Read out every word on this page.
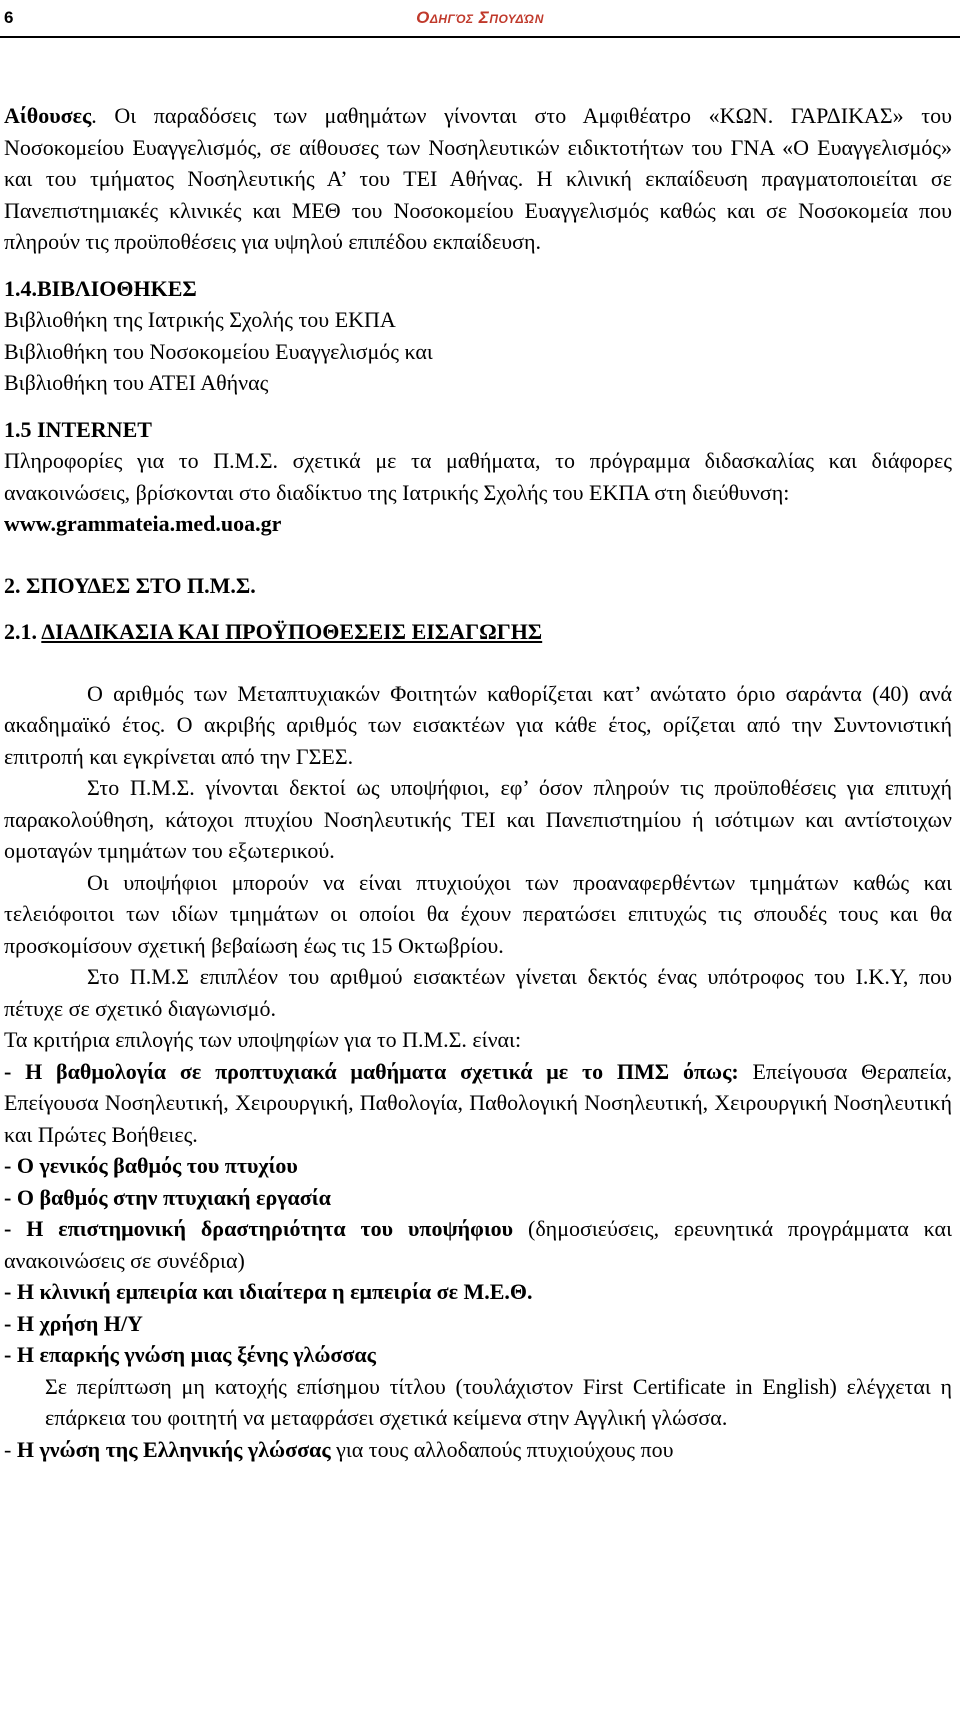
6	Οδηγός Σπουδών

Αίθουσες. Οι παραδόσεις των μαθημάτων γίνονται στο Αμφιθέατρο «ΚΩΝ. ΓΑΡΔΙΚΑΣ» του Νοσοκομείου Ευαγγελισμός, σε αίθουσες των Νοσηλευτικών ειδικτοτήτων του ΓΝΑ «Ο Ευαγγελισμός» και του τμήματος Νοσηλευτικής Α’ του ΤΕΙ Αθήνας. Η κλινική εκπαίδευση πραγματοποιείται σε Πανεπιστημιακές κλινικές και ΜΕΘ του Νοσοκομείου Ευαγγελισμός καθώς και σε Νοσοκομεία που πληρούν τις προϋποθέσεις για υψηλού επιπέδου εκπαίδευση.

1.4.ΒΙΒΛΙΟΘΗΚΕΣ

Βιβλιοθήκη της Ιατρικής Σχολής του ΕΚΠΑ

Βιβλιοθήκη του Νοσοκομείου Ευαγγελισμός και

Βιβλιοθήκη του ΑΤΕΙ Αθήνας

1.5 INTERNET

Πληροφορίες για το Π.Μ.Σ. σχετικά με τα μαθήματα, το πρόγραμμα διδασκαλίας και διάφορες ανακοινώσεις, βρίσκονται στο διαδίκτυο της Ιατρικής Σχολής του ΕΚΠΑ στη διεύθυνση:

www.grammateia.med.uoa.gr

2. ΣΠΟΥΔΕΣ ΣΤΟ Π.Μ.Σ.

2.1. ΔΙΑΔΙΚΑΣΙΑ ΚΑΙ ΠΡΟΫΠΟΘΕΣΕΙΣ ΕΙΣΑΓΩΓΗΣ

Ο αριθμός των Μεταπτυχιακών Φοιτητών καθορίζεται κατ’ ανώτατο όριο σαράντα (40) ανά ακαδημαϊκό έτος. Ο ακριβής αριθμός των εισακτέων για κάθε έτος, ορίζεται από την Συντονιστική επιτροπή και εγκρίνεται από την ΓΣΕΣ.

Στο Π.Μ.Σ. γίνονται δεκτοί ως υποψήφιοι, εφ’ όσον πληρούν τις προϋποθέσεις για επιτυχή παρακολούθηση, κάτοχοι πτυχίου Νοσηλευτικής ΤΕΙ και Πανεπιστημίου ή ισότιμων και αντίστοιχων ομοταγών τμημάτων του εξωτερικού.

Οι υποψήφιοι μπορούν να είναι πτυχιούχοι των προαναφερθέντων τμημάτων καθώς και τελειόφοιτοι των ιδίων τμημάτων οι οποίοι θα έχουν περατώσει επιτυχώς τις σπουδές τους και θα προσκομίσουν σχετική βεβαίωση έως τις 15 Οκτωβρίου.

Στο Π.Μ.Σ επιπλέον του αριθμού εισακτέων γίνεται δεκτός ένας υπότροφος του Ι.Κ.Υ, που πέτυχε σε σχετικό διαγωνισμό.

Τα κριτήρια επιλογής των υποψηφίων για το Π.Μ.Σ. είναι:

- Η βαθμολογία σε προπτυχιακά μαθήματα σχετικά με το ΠΜΣ όπως: Επείγουσα Θεραπεία, Επείγουσα Νοσηλευτική, Χειρουργική, Παθολογία, Παθολογική Νοσηλευτική, Χειρουργική Νοσηλευτική και Πρώτες Βοήθειες.

- Ο γενικός βαθμός του πτυχίου

- Ο βαθμός στην πτυχιακή εργασία

- Η επιστημονική δραστηριότητα του υποψήφιου (δημοσιεύσεις, ερευνητικά προγράμματα και ανακοινώσεις σε συνέδρια)

- Η κλινική εμπειρία και ιδιαίτερα η εμπειρία σε Μ.Ε.Θ.

- Η χρήση Η/Υ

- Η επαρκής γνώση μιας ξένης γλώσσας

Σε περίπτωση μη κατοχής επίσημου τίτλου (τουλάχιστον First Certificate in English) ελέγχεται η επάρκεια του φοιτητή να μεταφράσει σχετικά κείμενα στην Αγγλική γλώσσα.

- Η γνώση της Ελληνικής γλώσσας για τους αλλοδαπούς πτυχιούχους που
